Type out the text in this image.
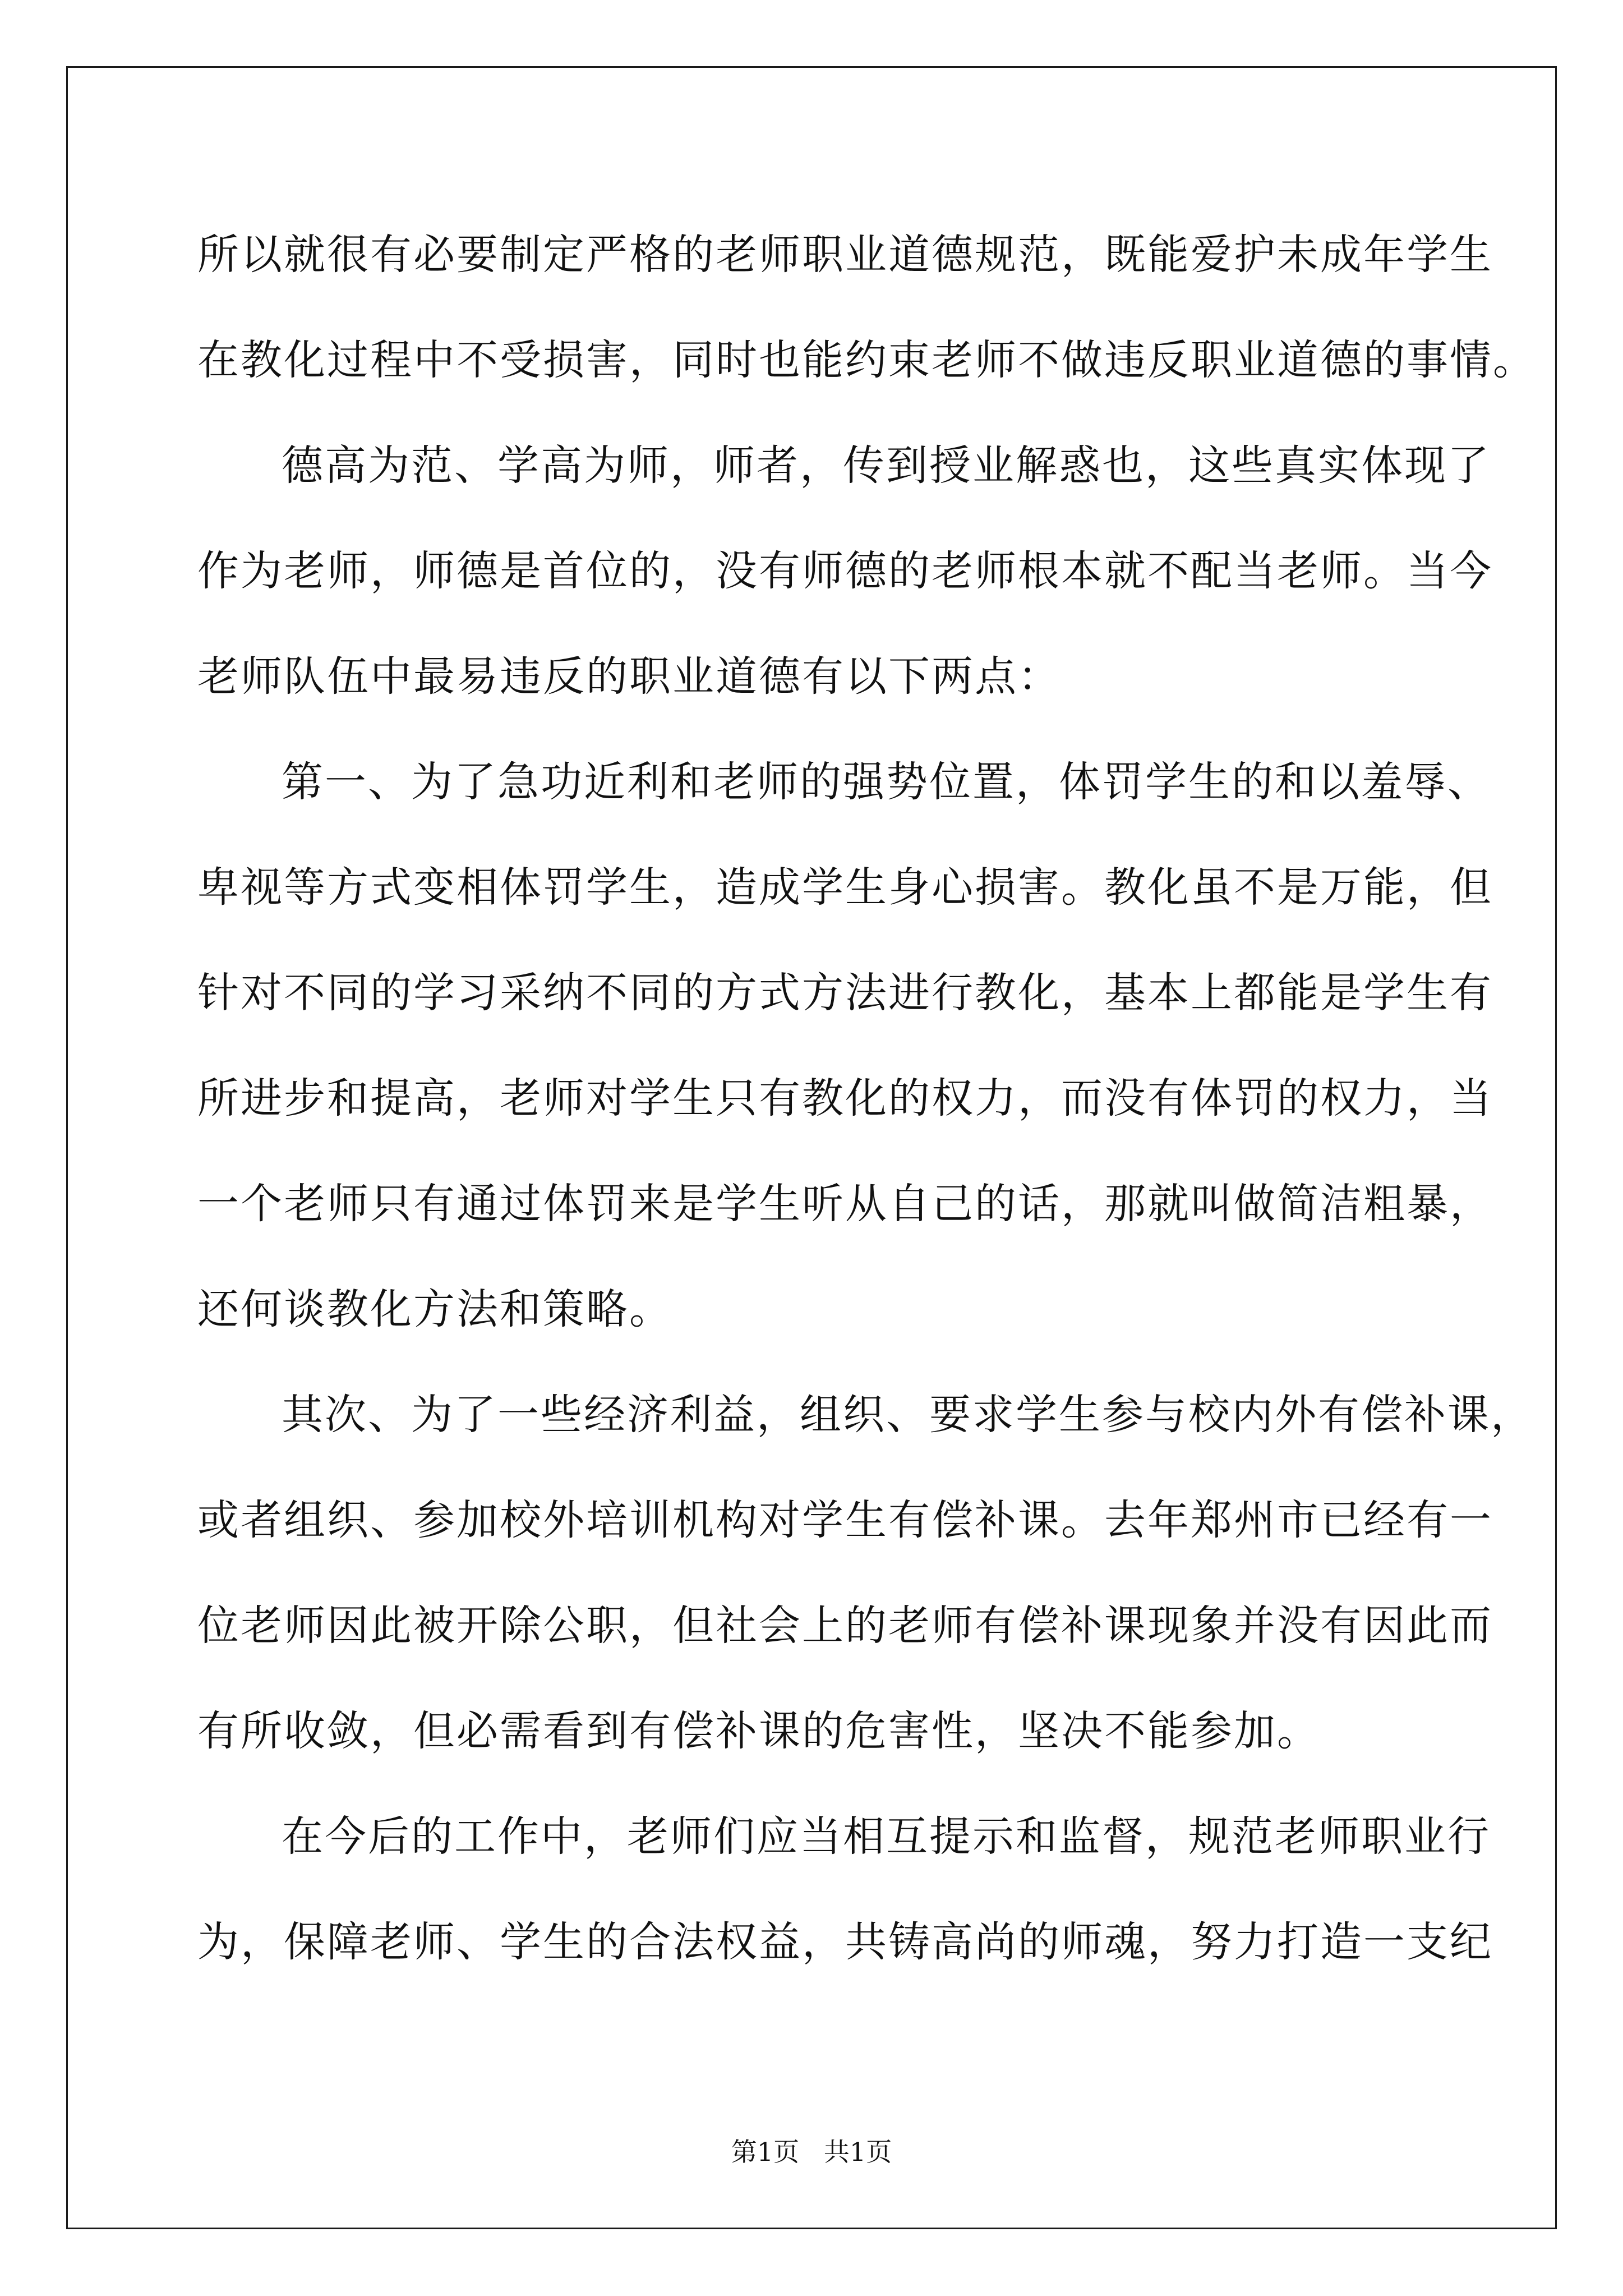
所以就很有必要制定严格的老师职业道德规范，既能爱护未成年学生
在教化过程中不受损害，同时也能约束老师不做违反职业道德的事情。
德高为范、学高为师，师者，传到授业解惑也，这些真实体现了
作为老师，师德是首位的，没有师德的老师根本就不配当老师。当今
老师队伍中最易违反的职业道德有以下两点：
第一、为了急功近利和老师的强势位置，体罚学生的和以羞辱、
卑视等方式变相体罚学生，造成学生身心损害。教化虽不是万能，但
针对不同的学习采纳不同的方式方法进行教化，基本上都能是学生有
所进步和提高，老师对学生只有教化的权力，而没有体罚的权力，当
一个老师只有通过体罚来是学生听从自己的话，那就叫做简洁粗暴，
还何谈教化方法和策略。
其次、为了一些经济利益，组织、要求学生参与校内外有偿补课，
或者组织、参加校外培训机构对学生有偿补课。去年郑州市已经有一
位老师因此被开除公职，但社会上的老师有偿补课现象并没有因此而
有所收敛，但必需看到有偿补课的危害性，坚决不能参加。
在今后的工作中，老师们应当相互提示和监督，规范老师职业行
为，保障老师、学生的合法权益，共铸高尚的师魂，努力打造一支纪
第1页   共1页
